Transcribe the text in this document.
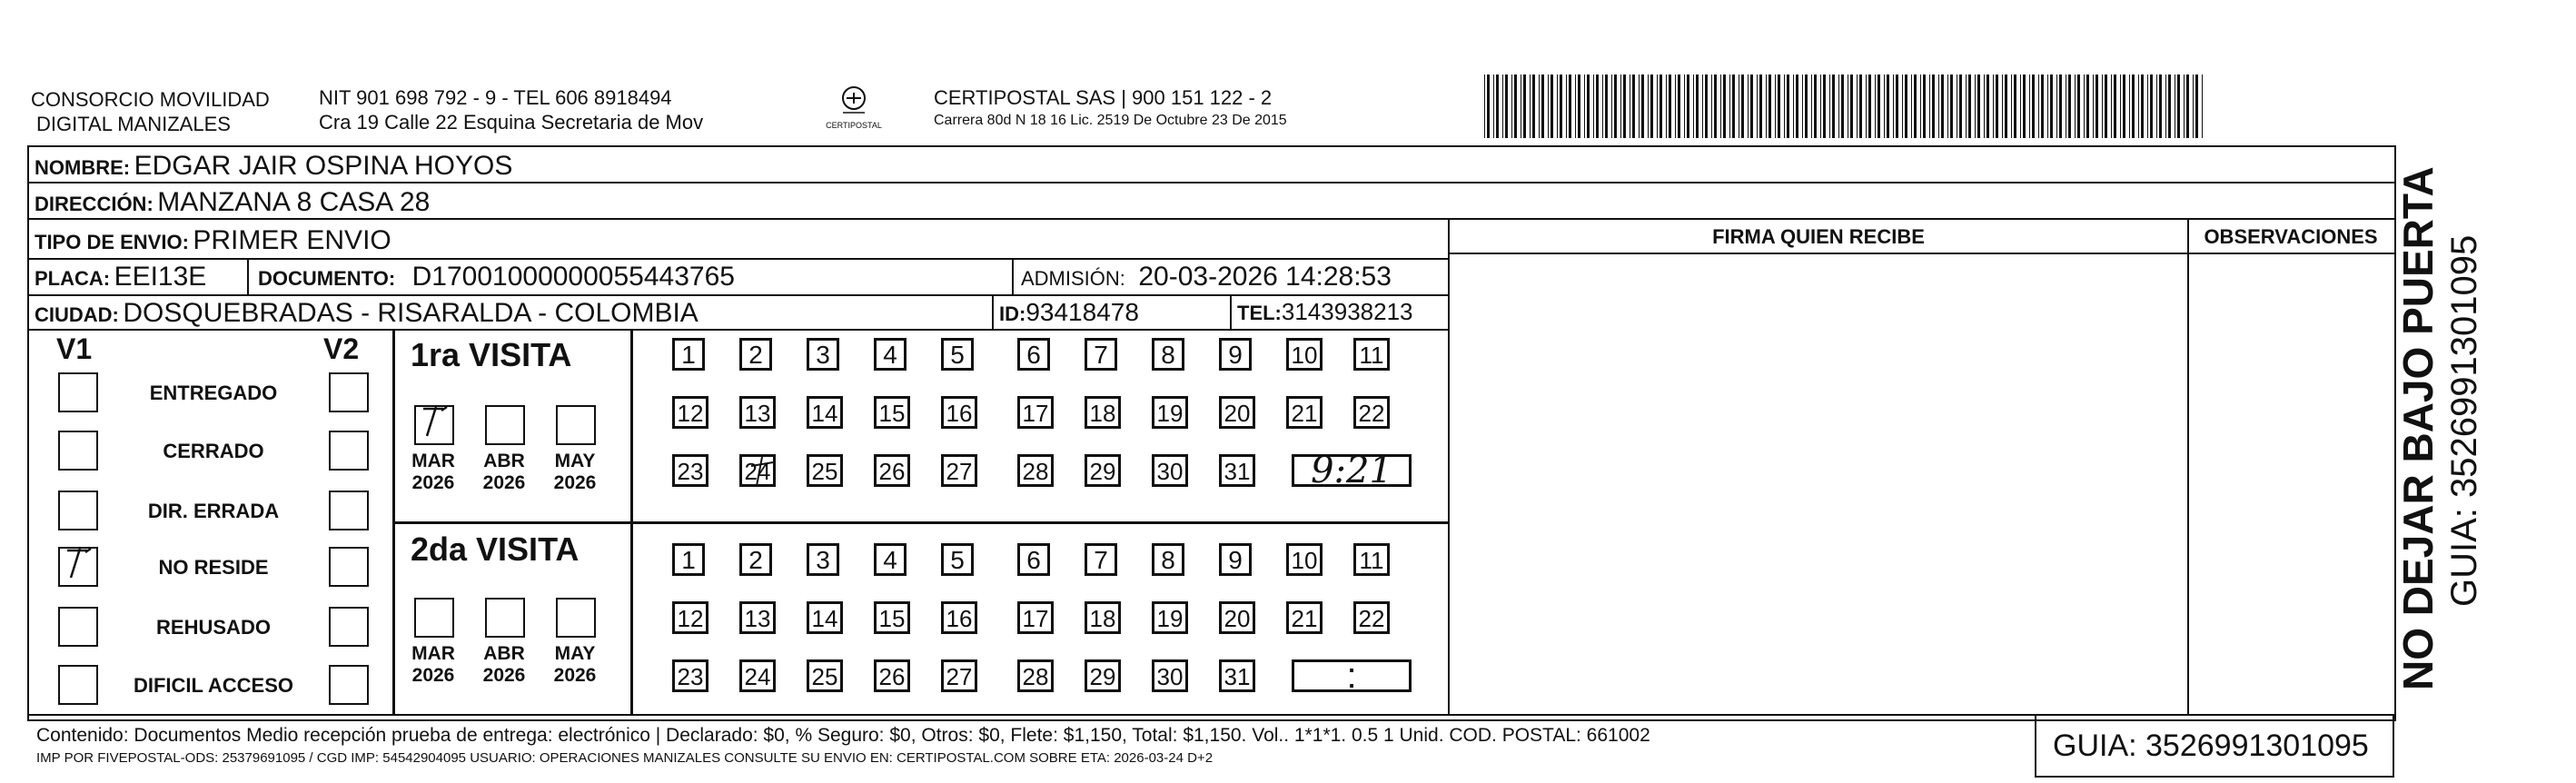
CONSORCIO MOVILIDAD
DIGITAL MANIZALES
NIT 901 698 792 - 9 - TEL 606 8918494
Cra 19 Calle 22 Esquina Secretaria de Mov	CERTIPOSTAL
CERTIPOSTAL SAS | 900 151 122 - 2
Carrera 80d N 18 16 Lic. 2519 De Octubre 23 De 2015
NOMBRE: EDGAR JAIR OSPINA HOYOS
DIRECCIÓN: MANZANA 8 CASA 28
TIPO DE ENVIO: PRIMER ENVIO
PLACA: EEI13E	DOCUMENTO: D17001000000055443765	ADMISIÓN: 20-03-2026 14:28:53
CIUDAD: DOSQUEBRADAS - RISARALDA - COLOMBIA	ID:93418478	TEL:3143938213
FIRMA QUIEN RECIBE	OBSERVACIONES
V1	V2
ENTREGADO
CERRADO
DIR. ERRADA
NO RESIDE
REHUSADO
DIFICIL ACCESO
1ra VISITA
2da VISITA
1	2	3	4	5	6	7	8	9	10 11
12 13 14 15 16 17 18 19 20 21 22
23 24 25 26 27 28 29 30 31	9:21
1	2	3	4	5	6	7	8	9	10 11
12 13 14 15 16 17 18 19 20 21 22
23 24 25 26 27 28 29 30 31	:
MAR
2026
ABR
2026
MAY
2026
MAR
2026
ABR
2026
MAY
2026
Contenido: Documentos Medio recepción prueba de entrega: electrónico | Declarado: $0, % Seguro: $0, Otros: $0, Flete: $1,150, Total: $1,150. Vol.. 1*1*1. 0.5 1 Unid. COD. POSTAL: 661002
IMP POR FIVEPOSTAL-ODS: 25379691095 / CGD IMP: 54542904095 USUARIO: OPERACIONES MANIZALES CONSULTE SU ENVIO EN: CERTIPOSTAL.COM SOBRE ETA: 2026-03-24 D+2	GUIA: 3526991301095
NO DEJAR BAJO PUERTA GUIA: 3526991301095
